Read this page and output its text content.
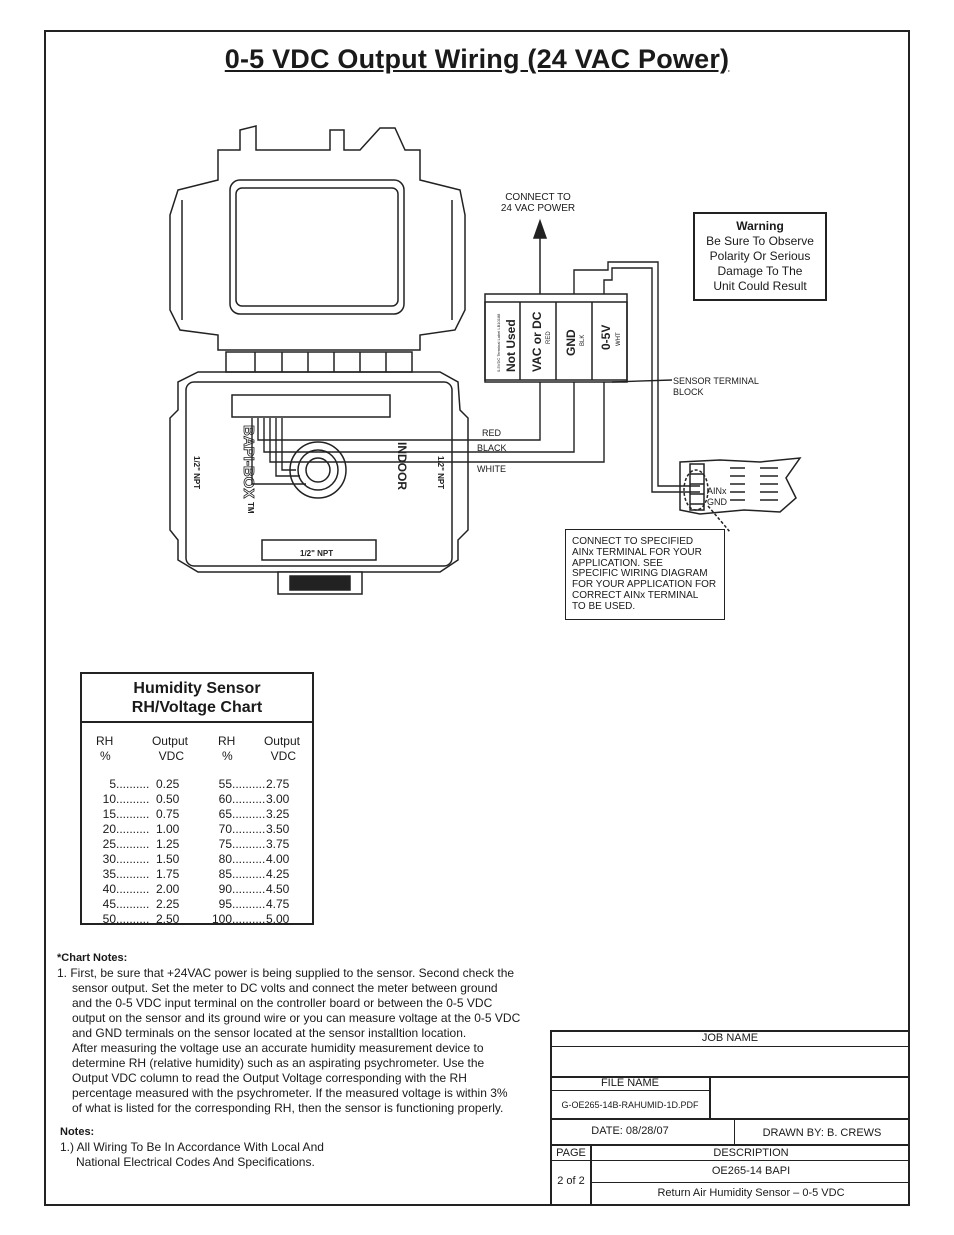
0-5 VDC Output Wiring (24 VAC Power)
BAPI-BOX
TM
INDOOR
1/2" NPT	1/2" NPT
1/2" NPT
Not Used
0-5VDC Terminal Label LB10188 VAC or DC RED GND BLK 0-5V WHT
AINx
GND
CONNECT TO
24 VAC POWER
Warning
Be Sure To Observe
Polarity Or Serious
Damage To The
Unit Could Result
SENSOR TERMINAL
BLOCK
RED
BLACK
WHITE
CONNECT TO SPECIFIED
AINx TERMINAL FOR YOUR
APPLICATION. SEE
SPECIFIC WIRING DIAGRAM
FOR YOUR APPLICATION FOR
CORRECT AINx TERMINAL
TO BE USED.
Humidity Sensor
RH/Voltage Chart
RH
%
Output
VDC
5 .......... 0.25
10 .......... 0.50
15 .......... 0.75
20 .......... 1.00
25 .......... 1.25
30 .......... 1.50
35 .......... 1.75
40 .......... 2.00
45 .......... 2.25
50 .......... 2.50
RH
%
Output
VDC
55 .......... 2.75
60 .......... 3.00
65 .......... 3.25
70 .......... 3.50
75 .......... 3.75
80 .......... 4.00
85 .......... 4.25
90 .......... 4.50
95 .......... 4.75
100 .......... 5.00
*Chart Notes:
1. First, be sure that +24VAC power is being supplied to the sensor. Second check the
sensor output. Set the meter to DC volts and connect the meter between ground
and the 0-5 VDC input terminal on the controller board or between the 0-5 VDC
output on the sensor and its ground wire or you can measure voltage at the 0-5 VDC
and GND terminals on the sensor located at the sensor installtion location.
After measuring the voltage use an accurate humidity measurement device to
determine RH (relative humidity) such as an aspirating psychrometer. Use the
Output VDC column to read the Output Voltage corresponding with the RH
percentage measured with the psychrometer. If the measured voltage is within 3%
of what is listed for the corresponding RH, then the sensor is functioning properly.
Notes:
1.) All Wiring To Be In Accordance With Local And
National Electrical Codes And Specifications.
JOB NAME
FILE NAME
G-OE265-14B-RAHUMID-1D.PDF
DATE: 08/28/07	DRAWN BY: B. CREWS
PAGE
2 of 2
DESCRIPTION
OE265-14 BAPI
Return Air Humidity Sensor – 0-5 VDC
